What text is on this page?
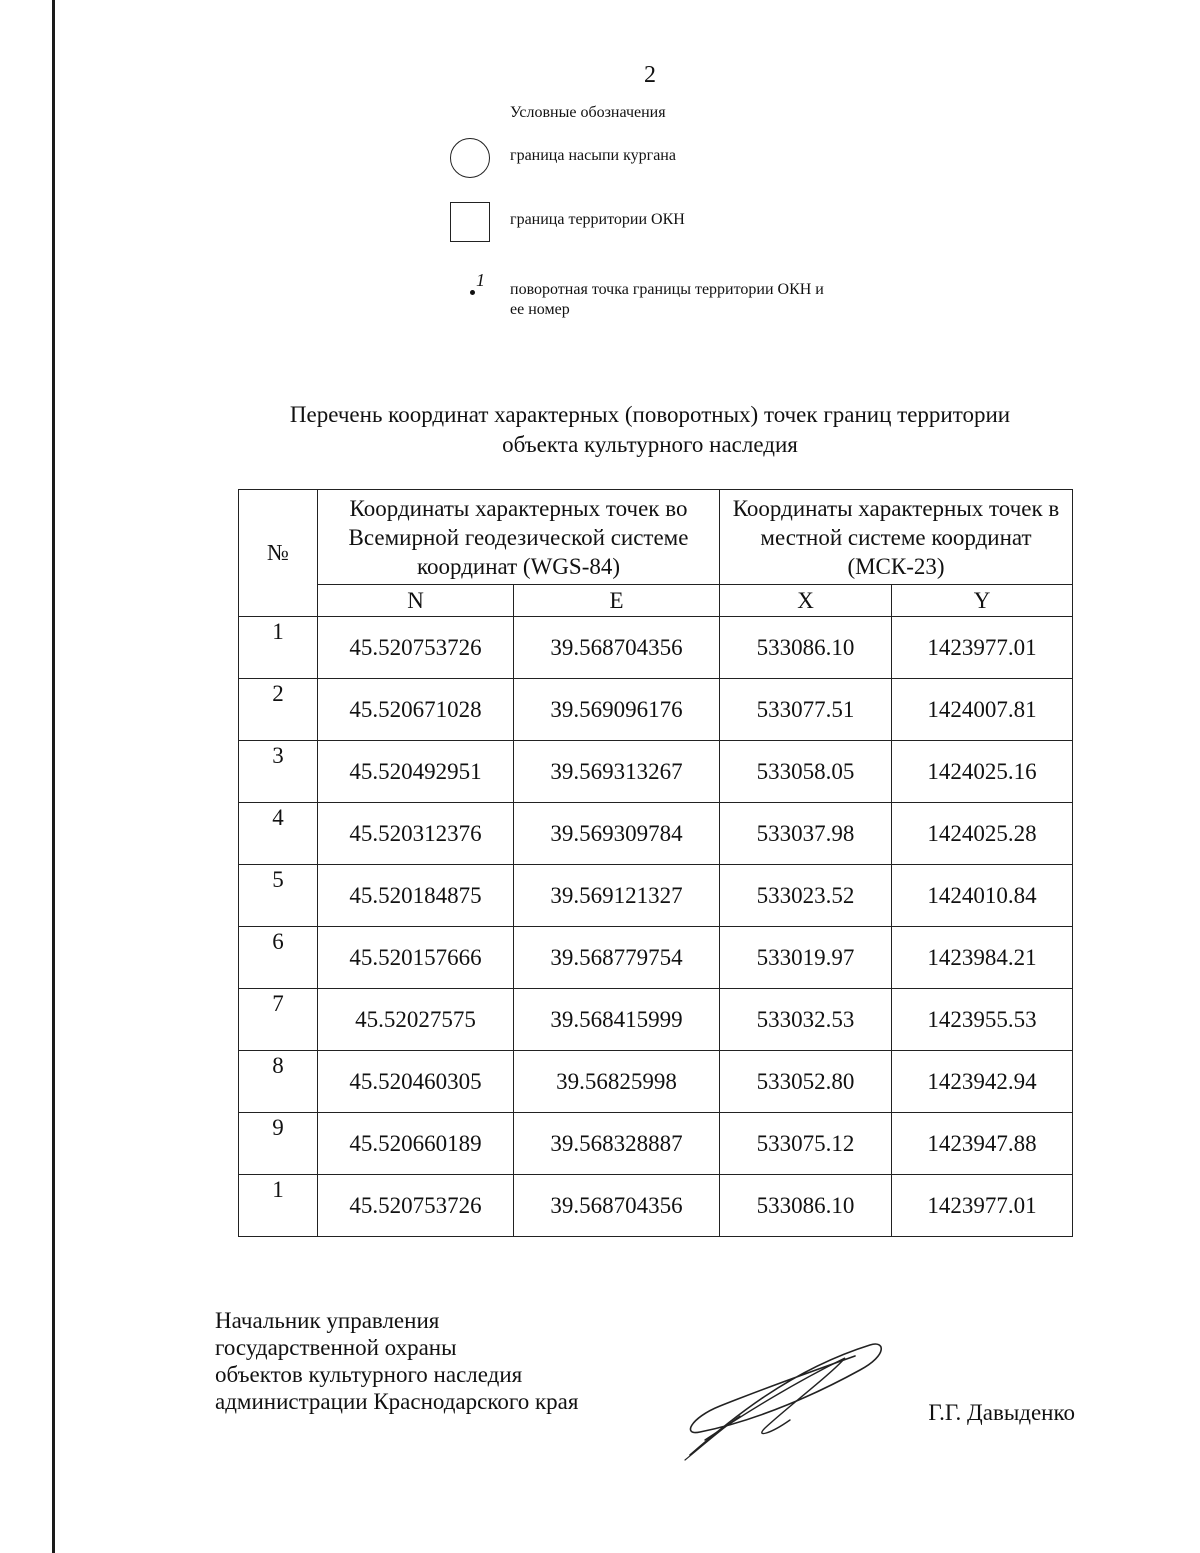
2
Условные обозначения
граница насыпи кургана
граница территории ОКН
1 поворотная точка границы территории ОКН и ее номер
Перечень координат характерных (поворотных) точек границ территории
объекта культурного наследия
№	Координаты характерных точек во Всемирной геодезической системе координат (WGS-84)		Координаты характерных точек в местной системе координат (МСК-23)	
	N	E	X	Y
1	45.520753726	39.568704356	533086.10	1423977.01
2	45.520671028	39.569096176	533077.51	1424007.81
3	45.520492951	39.569313267	533058.05	1424025.16
4	45.520312376	39.569309784	533037.98	1424025.28
5	45.520184875	39.569121327	533023.52	1424010.84
6	45.520157666	39.568779754	533019.97	1423984.21
7	45.52027575	39.568415999	533032.53	1423955.53
8	45.520460305	39.56825998	533052.80	1423942.94
9	45.520660189	39.568328887	533075.12	1423947.88
1	45.520753726	39.568704356	533086.10	1423977.01
Начальник управления
государственной охраны
объектов культурного наследия
администрации Краснодарского края	Г.Г. Давыденко
